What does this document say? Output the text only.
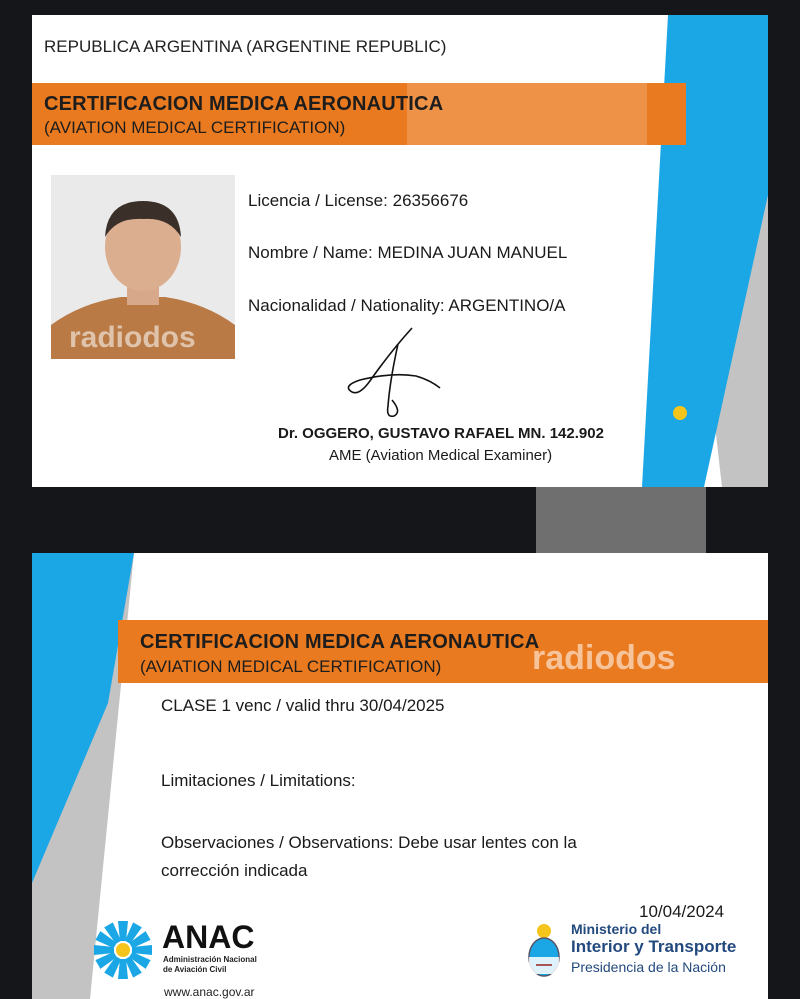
REPUBLICA ARGENTINA (ARGENTINE REPUBLIC)
CERTIFICACION MEDICA AERONAUTICA
(AVIATION MEDICAL CERTIFICATION)
radiodos
Licencia / License: 26356676
Nombre / Name: MEDINA JUAN MANUEL
Nacionalidad / Nationality: ARGENTINO/A
Dr. OGGERO, GUSTAVO RAFAEL MN. 142.902
AME (Aviation Medical Examiner)
radiodos
CERTIFICACION MEDICA AERONAUTICA
(AVIATION MEDICAL CERTIFICATION)
CLASE 1 venc / valid thru 30/04/2025
Limitaciones / Limitations:
Observaciones / Observations: Debe usar lentes con la
corrección indicada
10/04/2024
ANAC
Administración Nacional
de Aviación Civil
www.anac.gov.ar
Ministerio del
Interior y Transporte
Presidencia de la Nación
